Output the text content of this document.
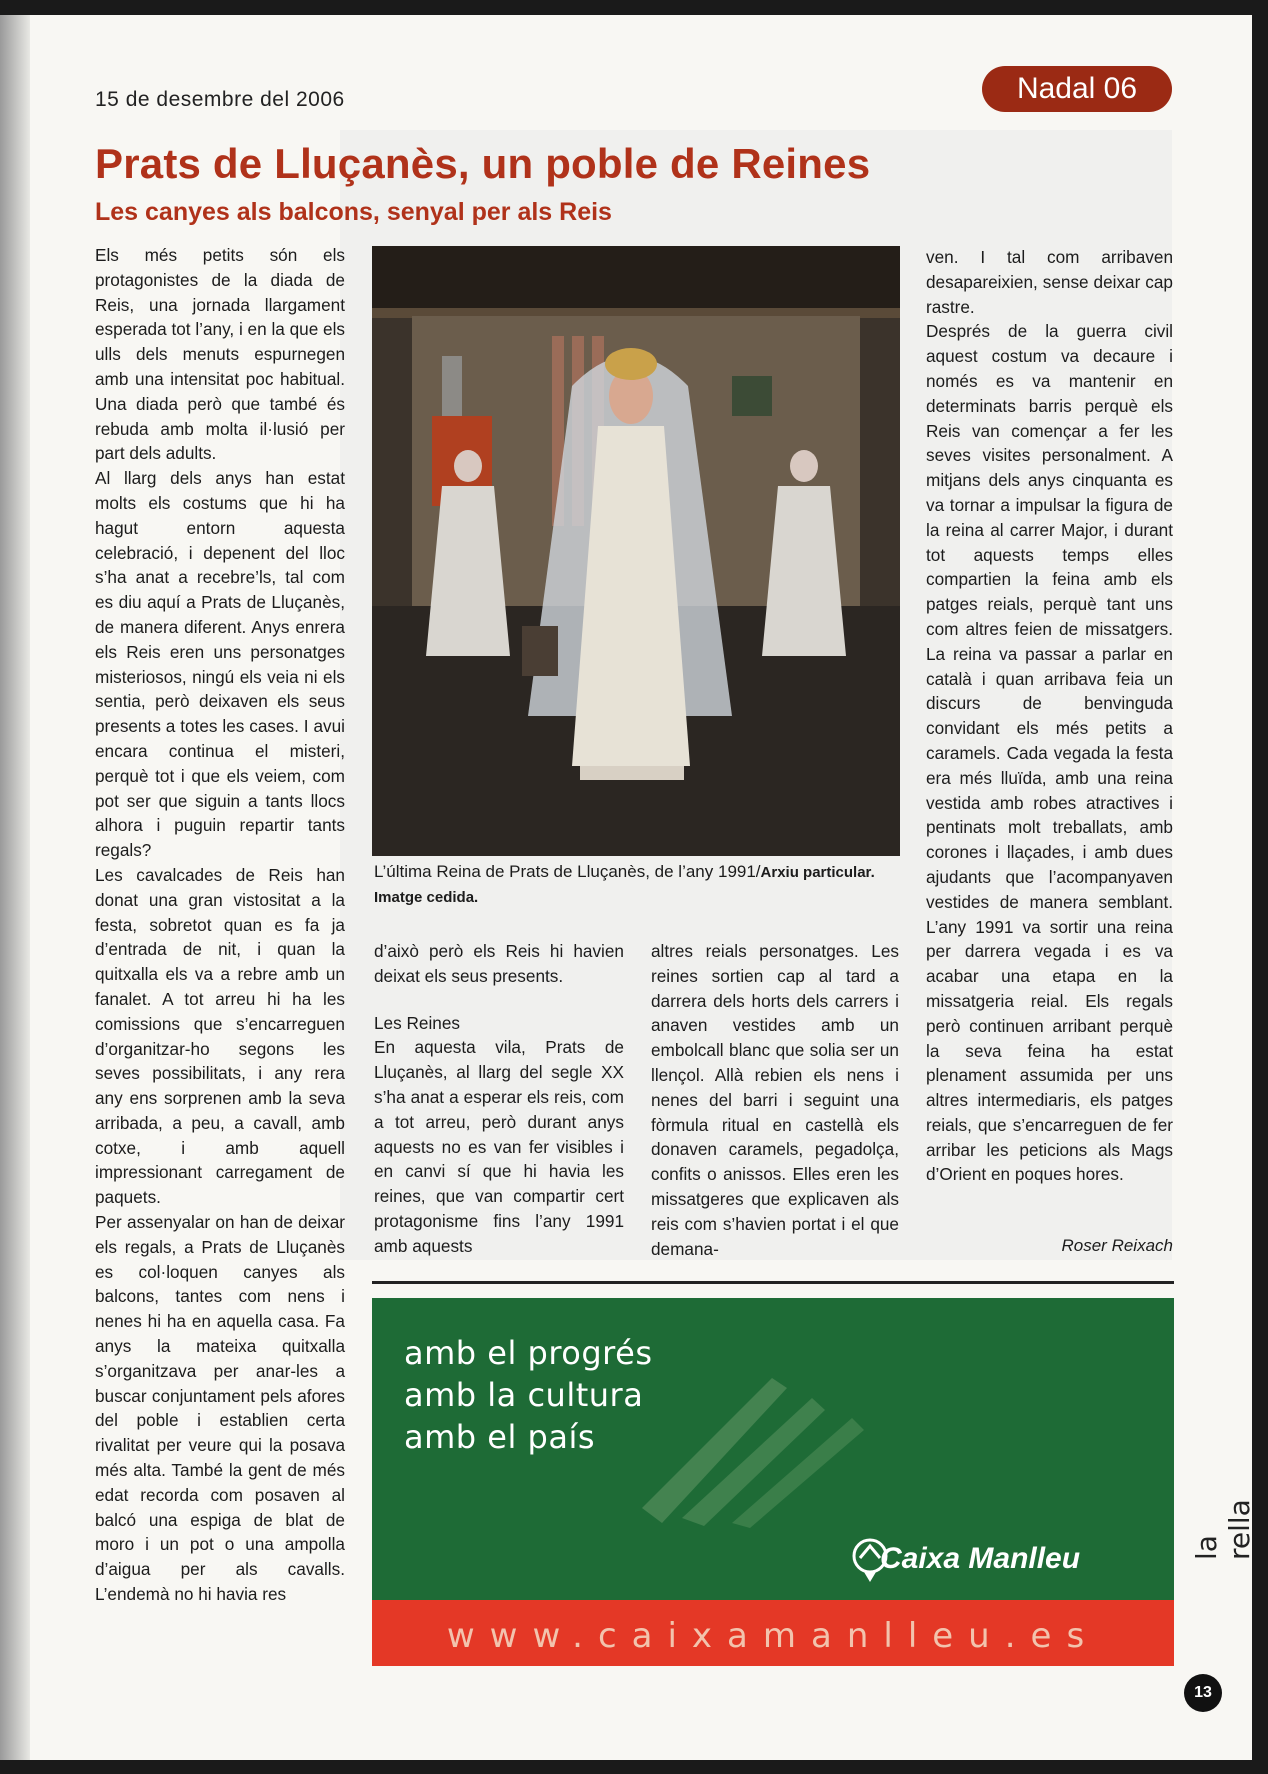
15 de desembre del 2006	Nadal 06
Prats de Lluçanès, un poble de Reines
Les canyes als balcons, senyal per als Reis

Els més petits són els protagonistes de la diada de Reis, una jornada llargament esperada tot l’any, i en la que els ulls dels menuts espurnegen amb una intensitat poc habitual. Una diada però que també és rebuda amb molta il·lusió per part dels adults.

Al llarg dels anys han estat molts els costums que hi ha hagut entorn aquesta celebració, i depenent del lloc s’ha anat a recebre’ls, tal com es diu aquí a Prats de Lluçanès, de manera diferent. Anys enrera els Reis eren uns personatges misteriosos, ningú els veia ni els sentia, però deixaven els seus presents a totes les cases. I avui encara continua el misteri, perquè tot i que els veiem, com pot ser que siguin a tants llocs alhora i puguin repartir tants regals?

Les cavalcades de Reis han donat una gran vistositat a la festa, sobretot quan es fa ja d’entrada de nit, i quan la quitxalla els va a rebre amb un fanalet. A tot arreu hi ha les comissions que s’encarreguen d’organitzar-ho segons les seves possibilitats, i any rera any ens sorprenen amb la seva arribada, a peu, a cavall, amb cotxe, i amb aquell impressionant carregament de paquets.

Per assenyalar on han de deixar els regals, a Prats de Lluçanès es col·loquen canyes als balcons, tantes com nens i nenes hi ha en aquella casa. Fa anys la mateixa quitxalla s’organitzava per anar-les a buscar conjuntament pels afores del poble i establien certa rivalitat per veure qui la posava més alta. També la gent de més edat recorda com posaven al balcó una espiga de blat de moro i un pot o una ampolla d’aigua per als cavalls. L’endemà no hi havia res

L’última Reina de Prats de Lluçanès, de l’any 1991/Arxiu particular. Imatge cedida.

d’això però els Reis hi havien deixat els seus presents.

Les Reines

En aquesta vila, Prats de Lluçanès, al llarg del segle XX s’ha anat a esperar els reis, com a tot arreu, però durant anys aquests no es van fer visibles i en canvi sí que hi havia les reines, que van compartir cert protagonisme fins l’any 1991 amb aquests

altres reials personatges. Les reines sortien cap al tard a darrera dels horts dels carrers i anaven vestides amb un embolcall blanc que solia ser un llençol. Allà rebien els nens i nenes del barri i seguint una fòrmula ritual en castellà els donaven caramels, pegadolça, confits o anissos. Elles eren les missatgeres que explicaven als reis com s’havien portat i el que demana-

ven. I tal com arribaven desapareixien, sense deixar cap rastre.

Després de la guerra civil aquest costum va decaure i només es va mantenir en determinats barris perquè els Reis van començar a fer les seves visites personalment. A mitjans dels anys cinquanta es va tornar a impulsar la figura de la reina al carrer Major, i durant tot aquests temps elles compartien la feina amb els patges reials, perquè tant uns com altres feien de missatgers. La reina va passar a parlar en català i quan arribava feia un discurs de benvinguda convidant els més petits a caramels. Cada vegada la festa era més lluïda, amb una reina vestida amb robes atractives i pentinats molt treballats, amb corones i llaçades, i amb dues ajudants que l’acompanyaven vestides de manera semblant. L’any 1991 va sortir una reina per darrera vegada i es va acabar una etapa en la missatgeria reial. Els regals però continuen arribant perquè la seva feina ha estat plenament assumida per uns altres intermediaris, els patges reials, que s’encarreguen de fer arribar les peticions als Mags d’Orient en poques hores.

Roser Reixach
amb el progrés
amb la cultura
amb el país
Caixa Manlleu
www.caixamanlleu.es
la rella
13
